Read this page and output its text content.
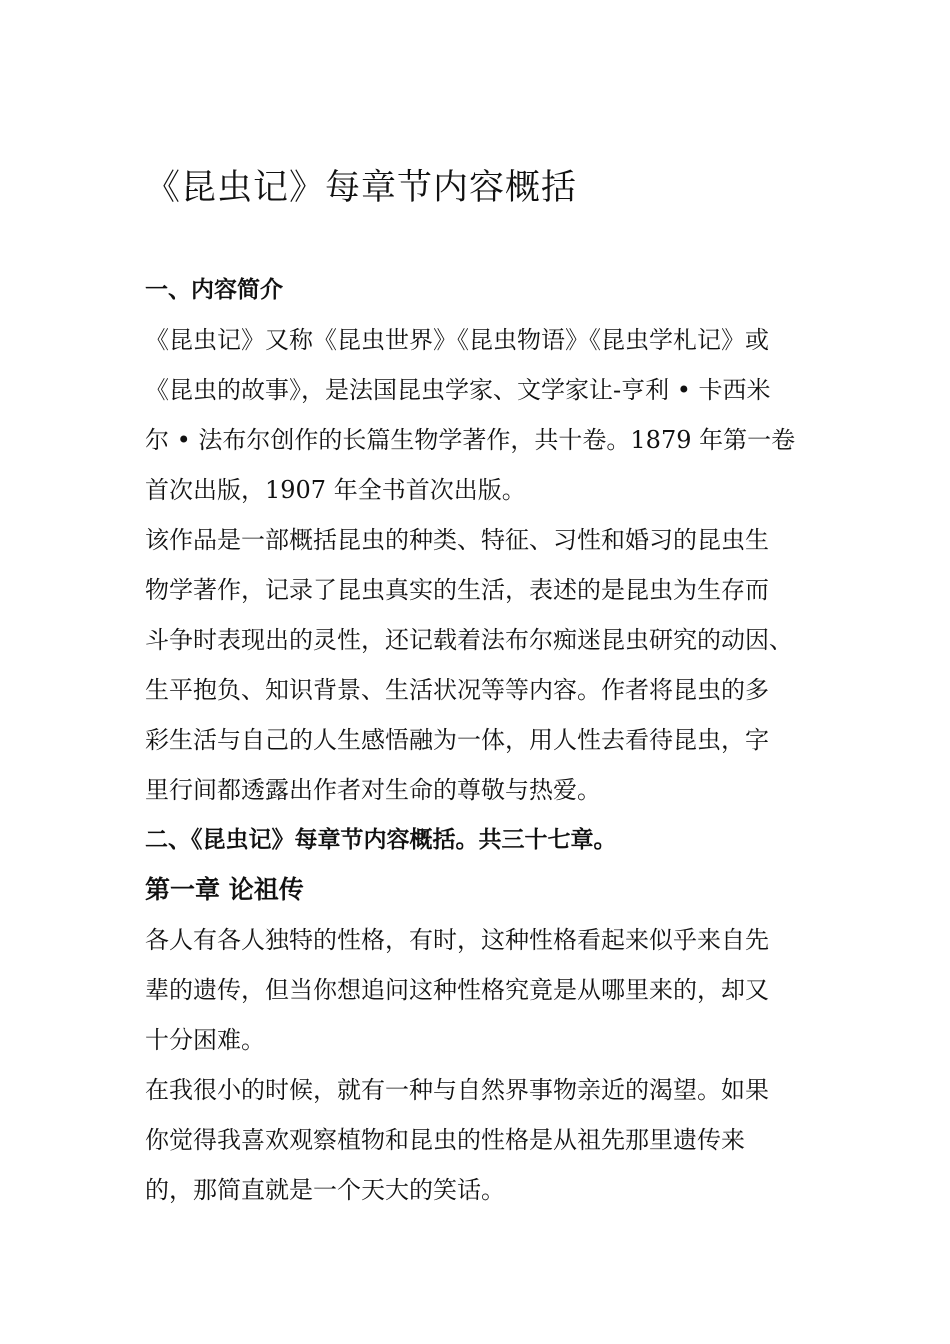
《昆虫记》每章节内容概括
一、内容简介

《昆虫记》又称《昆虫世界》《昆虫物语》《昆虫学札记》或
《昆虫的故事》，是法国昆虫学家、文学家让-亨利 • 卡西米
尔 • 法布尔创作的长篇生物学著作，共十卷。1879 年第一卷
首次出版，1907 年全书首次出版。

该作品是一部概括昆虫的种类、特征、习性和婚习的昆虫生
物学著作，记录了昆虫真实的生活，表述的是昆虫为生存而
斗争时表现出的灵性，还记载着法布尔痴迷昆虫研究的动因、
生平抱负、知识背景、生活状况等等内容。作者将昆虫的多
彩生活与自己的人生感悟融为一体，用人性去看待昆虫，字
里行间都透露出作者对生命的尊敬与热爱。

二、《昆虫记》每章节内容概括。共三十七章。
第一章 论祖传

各人有各人独特的性格，有时，这种性格看起来似乎来自先
辈的遗传，但当你想追问这种性格究竟是从哪里来的，却又
十分困难。

在我很小的时候，就有一种与自然界事物亲近的渴望。如果
你觉得我喜欢观察植物和昆虫的性格是从祖先那里遗传来
的，那简直就是一个天大的笑话。
